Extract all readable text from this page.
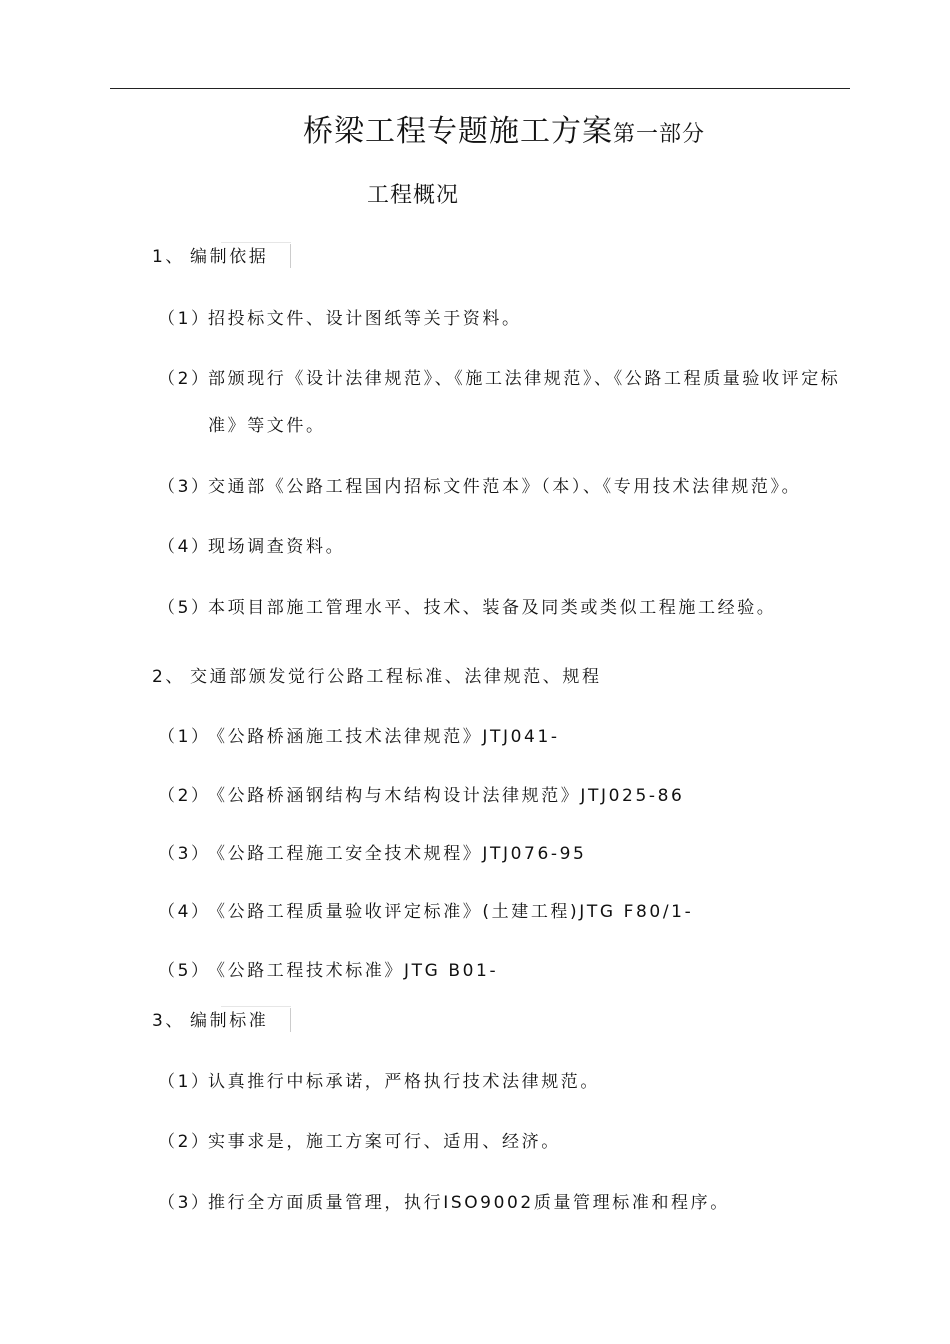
桥梁工程专题施工方案第一部分
工程概况
1、 编制依据
（1）招投标文件、设计图纸等关于资料。
（2）部颁现行《设计法律规范》、《施工法律规范》、《公路工程质量验收评定标
准》等文件。
（3）交通部《公路工程国内招标文件范本》（本）、《专用技术法律规范》。
（4）现场调查资料。
（5）本项目部施工管理水平、技术、装备及同类或类似工程施工经验。
2、 交通部颁发觉行公路工程标准、法律规范、规程
（1）《公路桥涵施工技术法律规范》JTJ041-
（2）《公路桥涵钢结构与木结构设计法律规范》JTJ025-86
（3）《公路工程施工安全技术规程》JTJ076-95
（4）《公路工程质量验收评定标准》(土建工程)JTG F80/1-
（5）《公路工程技术标准》JTG B01-
3、 编制标准
（1）认真推行中标承诺，严格执行技术法律规范。
（2）实事求是，施工方案可行、适用、经济。
（3）推行全方面质量管理，执行ISO9002质量管理标准和程序。
